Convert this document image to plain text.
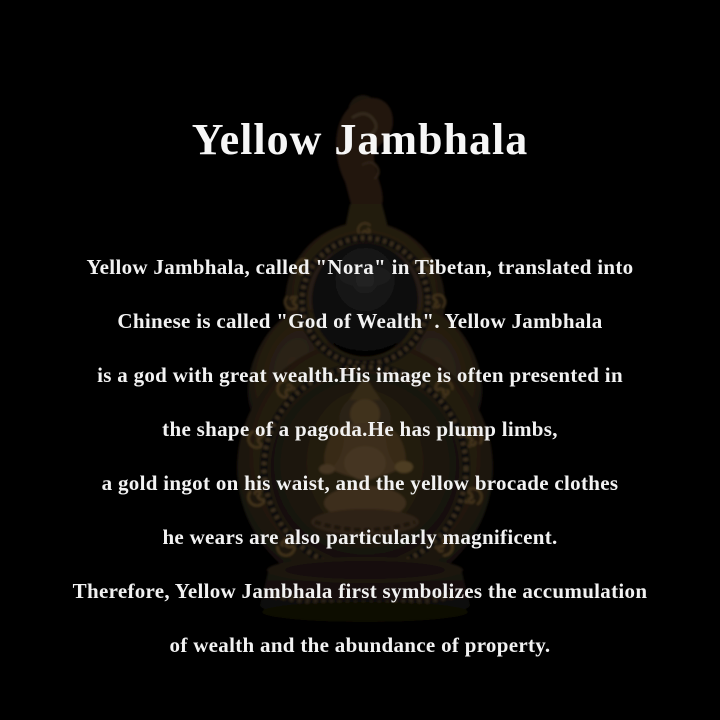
Yellow Jambhala
Yellow Jambhala, called "Nora" in Tibetan, translated into
Chinese is called "God of Wealth". Yellow Jambhala
is a god with great wealth.His image is often presented in
the shape of a pagoda.He has plump limbs,
a gold ingot on his waist, and the yellow brocade clothes
he wears are also particularly magnificent.
Therefore, Yellow Jambhala first symbolizes the accumulation
of wealth and the abundance of property.
